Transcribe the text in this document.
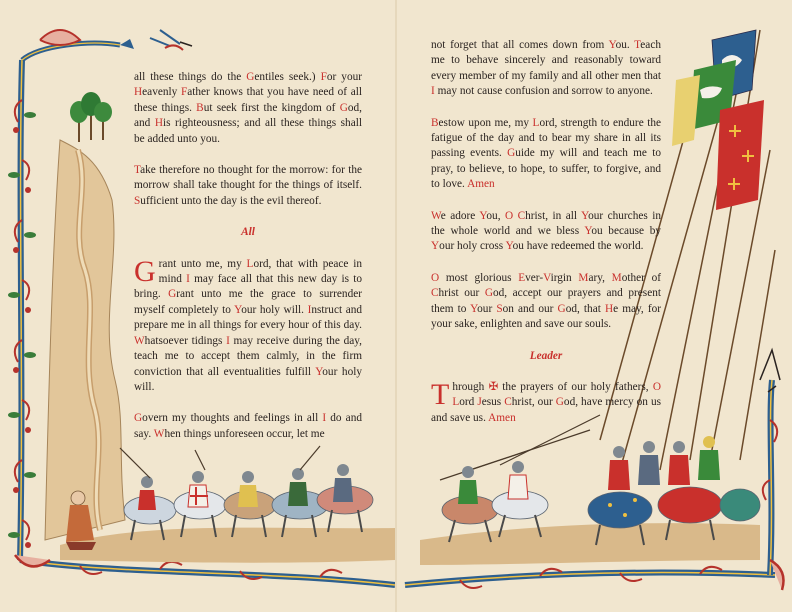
all these things do the Gentiles seek.) For your Heavenly Father knows that you have need of all these things. But seek first the kingdom of God, and His righteousness; and all these things shall be added unto you.

Take therefore no thought for the morrow: for the morrow shall take thought for the things of itself. Sufficient unto the day is the evil thereof.

All

G rant unto me, my Lord, that with peace in mind I may face all that this new day is to bring. Grant unto me the grace to surrender myself completely to Your holy will. Instruct and prepare me in all things for every hour of this day. Whatsoever tidings I may receive during the day, teach me to accept them calmly, in the firm conviction that all eventualities fulfill Your holy will.

Govern my thoughts and feelings in all I do and say. When things unforeseen occur, let me

not forget that all comes down from You. Teach me to behave sincerely and reasonably toward every member of my family and all other men that I may not cause confusion and sorrow to anyone.

Bestow upon me, my Lord, strength to endure the fatigue of the day and to bear my share in all its passing events. Guide my will and teach me to pray, to believe, to hope, to suffer, to forgive, and to love. Amen

We adore You, O Christ, in all Your churches in the whole world and we bless You because by Your holy cross You have redeemed the world.

O most glorious Ever-Virgin Mary, Mother of Christ our God, accept our prayers and present them to Your Son and our God, that He may, for your sake, enlighten and save our souls.

Leader

T hrough ✠ the prayers of our holy fathers, O Lord Jesus Christ, our God, have mercy on us and save us. Amen
